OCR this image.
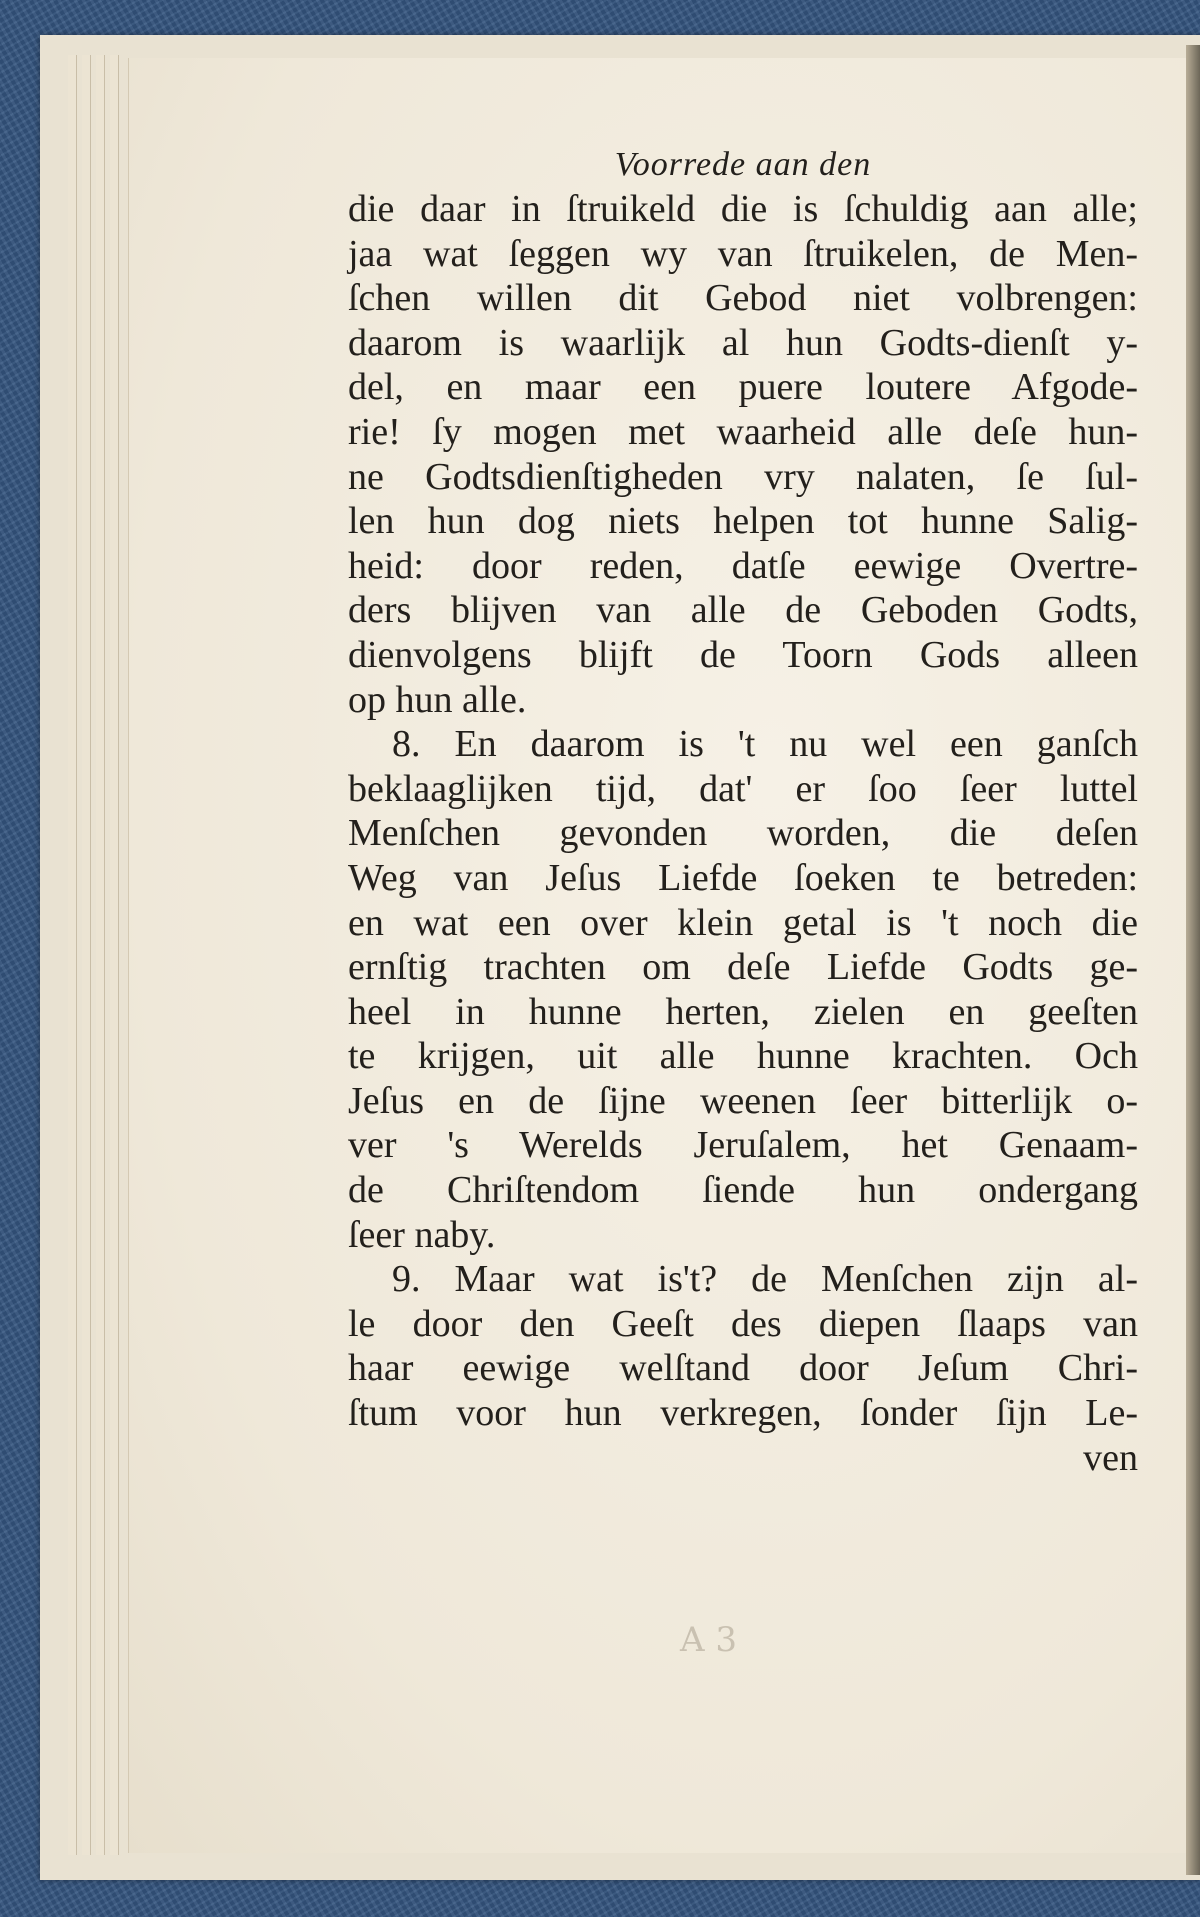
Voorrede aan den
die daar in ſtruikeld die is ſchuldig aan alle;
jaa wat ſeggen wy van ſtruikelen, de Men-
ſchen willen dit Gebod niet volbrengen:
daarom is waarlijk al hun Godts-dienſt y-
del, en maar een puere loutere Afgode-
rie! ſy mogen met waarheid alle deſe hun-
ne Godtsdienſtigheden vry nalaten, ſe ſul-
len hun dog niets helpen tot hunne Salig-
heid: door reden, datſe eewige Overtre-
ders blijven van alle de Geboden Godts,
dienvolgens blijft de Toorn Gods alleen
op hun alle.
8. En daarom is 't nu wel een ganſch
beklaaglijken tijd, dat' er ſoo ſeer luttel
Menſchen gevonden worden, die deſen
Weg van Jeſus Liefde ſoeken te betreden:
en wat een over klein getal is 't noch die
ernſtig trachten om deſe Liefde Godts ge-
heel in hunne herten, zielen en geeſten
te krijgen, uit alle hunne krachten. Och
Jeſus en de ſijne weenen ſeer bitterlijk o-
ver 's Werelds Jeruſalem, het Genaam-
de Chriſtendom ſiende hun ondergang
ſeer naby.
9. Maar wat is't? de Menſchen zijn al-
le door den Geeſt des diepen ſlaaps van
haar eewige welſtand door Jeſum Chri-
ſtum voor hun verkregen, ſonder ſijn Le-
ven
A 3
